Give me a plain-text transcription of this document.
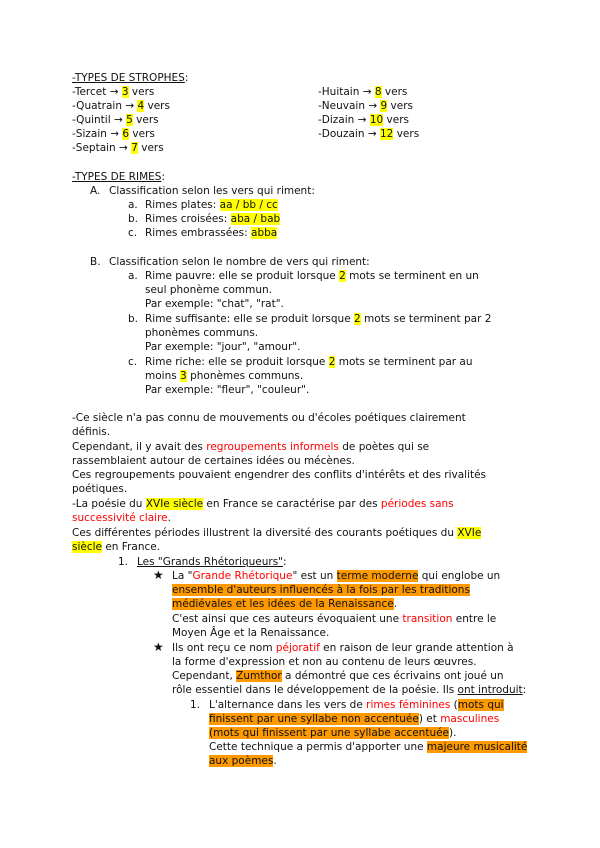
-TYPES DE STROPHES:
-Tercet → 3 vers
-Quatrain → 4 vers
-Quintil → 5 vers
-Sizain → 6 vers
-Septain → 7 vers
-Huitain → 8 vers
-Neuvain → 9 vers
-Dizain → 10 vers
-Douzain → 12 vers
-TYPES DE RIMES:
A. Classification selon les vers qui riment:
a. Rimes plates: aa / bb / cc
b. Rimes croisées: aba / bab
c. Rimes embrassées: abba
B. Classification selon le nombre de vers qui riment:
a. Rime pauvre: elle se produit lorsque 2 mots se terminent en un
seul phonème commun.
Par exemple: "chat", "rat".
b. Rime suffisante: elle se produit lorsque 2 mots se terminent par 2
phonèmes communs.
Par exemple: "jour", "amour".
c. Rime riche: elle se produit lorsque 2 mots se terminent par au
moins 3 phonèmes communs.
Par exemple: "fleur", "couleur".
-Ce siècle n'a pas connu de mouvements ou d'écoles poétiques clairement
définis.
Cependant, il y avait des regroupements informels de poètes qui se
rassemblaient autour de certaines idées ou mécènes.
Ces regroupements pouvaient engendrer des conflits d'intérêts et des rivalités
poétiques.
-La poésie du XVIe siècle en France se caractérise par des périodes sans
successivité claire.
Ces différentes périodes illustrent la diversité des courants poétiques du XVIe
siècle en France.
1. Les "Grands Rhétoriqueurs":
★ La "Grande Rhétorique" est un terme moderne qui englobe un
ensemble d'auteurs influencés à la fois par les traditions
médiévales et les idées de la Renaissance.
C'est ainsi que ces auteurs évoquaient une transition entre le
Moyen Âge et la Renaissance.
★ Ils ont reçu ce nom péjoratif en raison de leur grande attention à
la forme d'expression et non au contenu de leurs œuvres.
Cependant, Zumthor a démontré que ces écrivains ont joué un
rôle essentiel dans le développement de la poésie. Ils ont introduit:
1. L'alternance dans les vers de rimes féminines (mots qui
finissent par une syllabe non accentuée) et masculines
(mots qui finissent par une syllabe accentuée).
Cette technique a permis d'apporter une majeure musicalité
aux poèmes.
